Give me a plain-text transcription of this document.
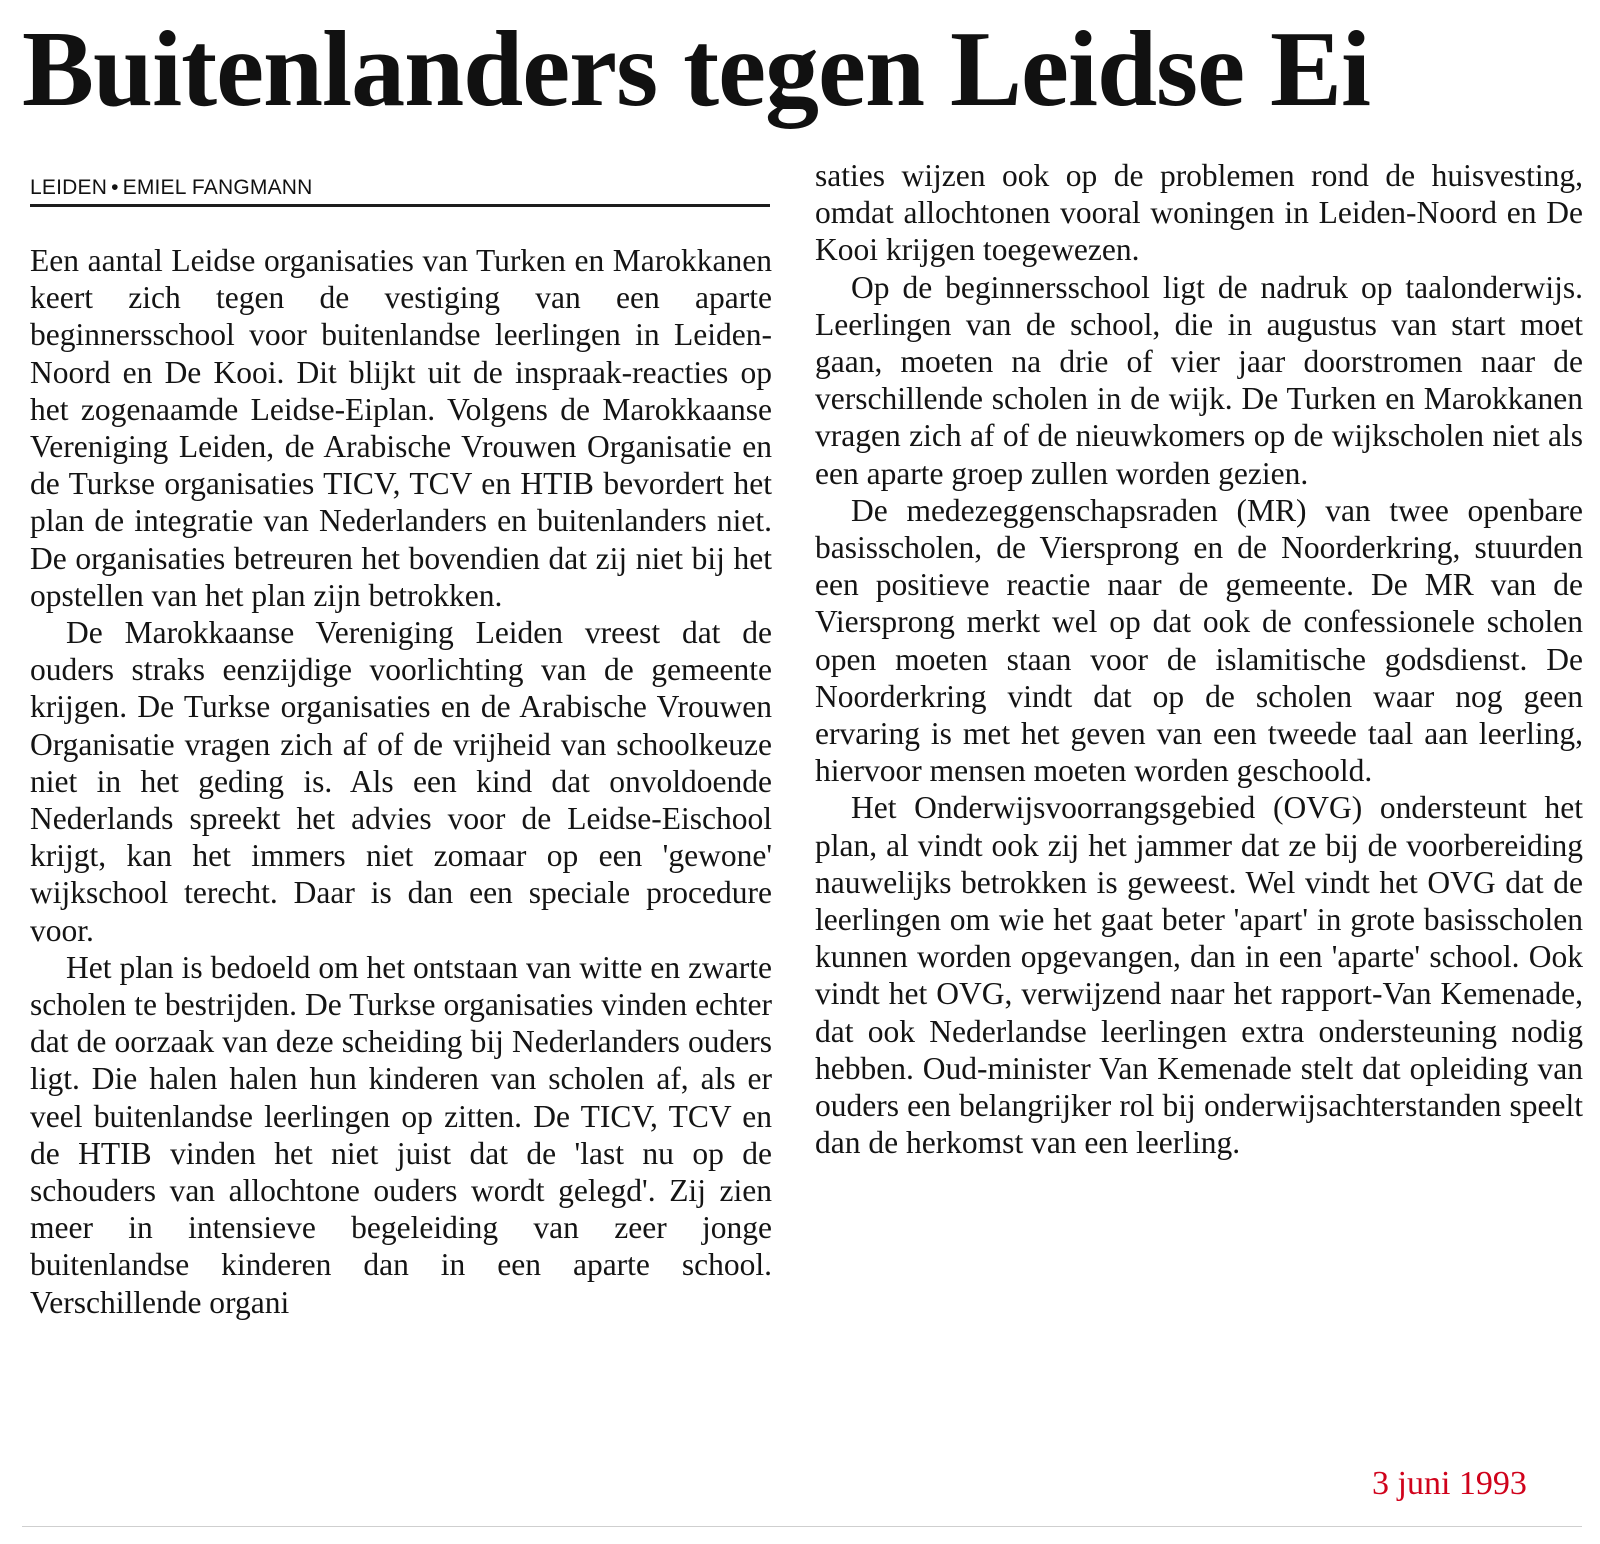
Buitenlanders tegen Leidse Ei
LEIDEN • EMIEL FANGMANN

Een aantal Leidse organisaties van Turken en Marokkanen keert zich tegen de vestiging van een aparte beginnersschool voor buitenlandse leerlingen in Leiden-Noord en De Kooi. Dit blijkt uit de inspraak-reacties op het zogenaamde Leidse-Eiplan. Volgens de Marokkaanse Vereniging Leiden, de Arabische Vrouwen Organisatie en de Turkse organisaties TICV, TCV en HTIB bevordert het plan de integratie van Nederlanders en buitenlanders niet. De organisaties betreuren het bovendien dat zij niet bij het opstellen van het plan zijn betrokken.

De Marokkaanse Vereniging Leiden vreest dat de ouders straks eenzijdige voorlichting van de gemeente krijgen. De Turkse organisaties en de Arabische Vrouwen Organisatie vragen zich af of de vrijheid van schoolkeuze niet in het geding is. Als een kind dat onvoldoende Nederlands spreekt het advies voor de Leidse-Eischool krijgt, kan het immers niet zomaar op een 'gewone' wijkschool terecht. Daar is dan een speciale procedure voor.

Het plan is bedoeld om het ontstaan van witte en zwarte scholen te bestrijden. De Turkse organisaties vinden echter dat de oorzaak van deze scheiding bij Nederlanders ouders ligt. Die halen halen hun kinderen van scholen af, als er veel buitenlandse leerlingen op zitten. De TICV, TCV en de HTIB vinden het niet juist dat de 'last nu op de schouders van allochtone ouders wordt gelegd'. Zij zien meer in intensieve begeleiding van zeer jonge buitenlandse kinderen dan in een aparte school. Verschillende organi

saties wijzen ook op de problemen rond de huisvesting, omdat allochtonen vooral woningen in Leiden-Noord en De Kooi krijgen toegewezen.

Op de beginnersschool ligt de nadruk op taalonderwijs. Leerlingen van de school, die in augustus van start moet gaan, moeten na drie of vier jaar doorstromen naar de verschillende scholen in de wijk. De Turken en Marokkanen vragen zich af of de nieuwkomers op de wijkscholen niet als een aparte groep zullen worden gezien.

De medezeggenschapsraden (MR) van twee openbare basisscholen, de Viersprong en de Noorderkring, stuurden een positieve reactie naar de gemeente. De MR van de Viersprong merkt wel op dat ook de confessionele scholen open moeten staan voor de islamitische godsdienst. De Noorderkring vindt dat op de scholen waar nog geen ervaring is met het geven van een tweede taal aan leerling, hiervoor mensen moeten worden geschoold.

Het Onderwijsvoorrangsgebied (OVG) ondersteunt het plan, al vindt ook zij het jammer dat ze bij de voorbereiding nauwelijks betrokken is geweest. Wel vindt het OVG dat de leerlingen om wie het gaat beter 'apart' in grote basisscholen kunnen worden opgevangen, dan in een 'aparte' school. Ook vindt het OVG, verwijzend naar het rapport-Van Kemenade, dat ook Nederlandse leerlingen extra ondersteuning nodig hebben. Oud-minister Van Kemenade stelt dat opleiding van ouders een belangrijker rol bij onderwijsachterstanden speelt dan de herkomst van een leerling.

3 juni 1993
